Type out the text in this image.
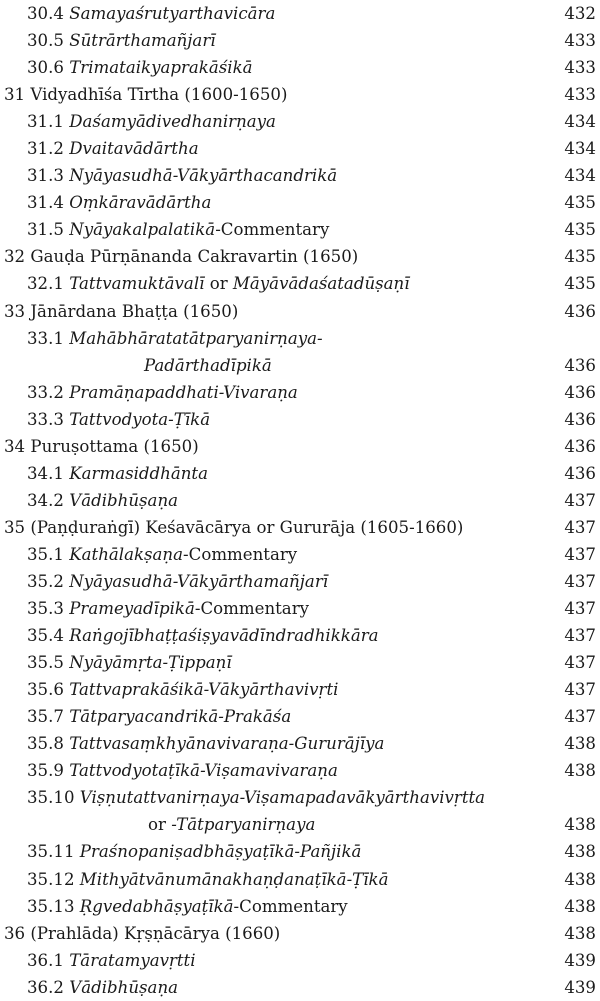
30.4 Samayaśrutyarthavicāra	432
30.5 Sūtrārthamañjarī	433
30.6 Trimataikyaprakāśikā	433
31 Vidyadhīśa Tīrtha (1600-1650)	433
31.1 Daśamyādivedhanirṇaya	434
31.2 Dvaitavādārtha	434
31.3 Nyāyasudhā-Vākyārthacandrikā	434
31.4 Oṃkāravādārtha	435
31.5 Nyāyakalpalatikā-Commentary	435
32 Gauḍa Pūrṇānanda Cakravartin (1650)	435
32.1 Tattvamuktāvalī or Māyāvādaśatadūṣaṇī	435
33 Jānārdana Bhaṭṭa (1650)	436
33.1 Mahābhāratatātparyanirṇaya-
Padārthadīpikā	436
33.2 Pramāṇapaddhati-Vivaraṇa	436
33.3 Tattvodyota-Ṭīkā	436
34 Puruṣottama (1650)	436
34.1 Karmasiddhānta	436
34.2 Vādibhūṣaṇa	437
35 (Paṇḍuraṅgī) Keśavācārya or Gururāja (1605-1660)	437
35.1 Kathālakṣaṇa-Commentary	437
35.2 Nyāyasudhā-Vākyārthamañjarī	437
35.3 Prameyadīpikā-Commentary	437
35.4 Raṅgojībhaṭṭaśiṣyavādīndradhikkāra	437
35.5 Nyāyāmṛta-Ṭippaṇī	437
35.6 Tattvaprakāśikā-Vākyārthavivṛti	437
35.7 Tātparyacandrikā-Prakāśa	437
35.8 Tattvasaṃkhyānavivaraṇa-Gururājīya	438
35.9 Tattvodyotaṭīkā-Viṣamavivaraṇa	438
35.10 Viṣṇutattvanirṇaya-Viṣamapadavākyārthavivṛtta
or -Tātparyanirṇaya	438
35.11 Praśnopaniṣadbhāṣyaṭīkā-Pañjikā	438
35.12 Mithyātvānumānakhaṇḍanaṭīkā-Ṭīkā	438
35.13 Ṛgvedabhāṣyaṭīkā-Commentary	438
36 (Prahlāda) Kṛṣṇācārya (1660)	438
36.1 Tāratamyavṛtti	439
36.2 Vādibhūṣaṇa	439
